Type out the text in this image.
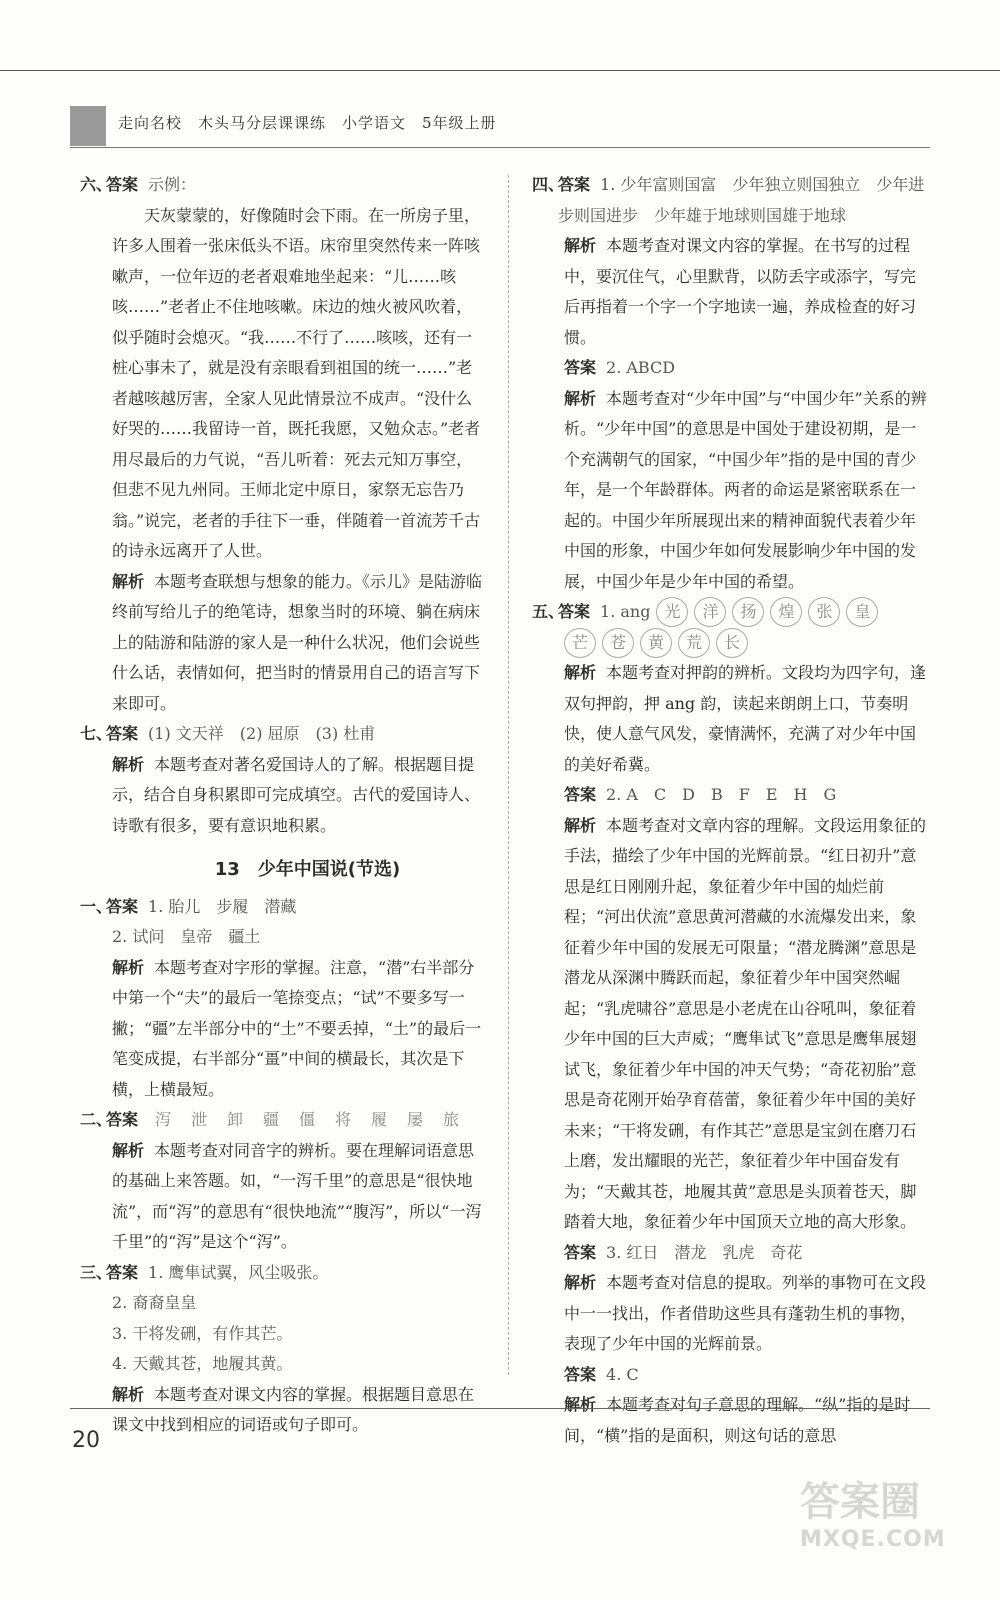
走向名校　木头马分层课课练　小学语文　5年级上册
六、
答案 示例：
天灰蒙蒙的，好像随时会下雨。在一所房子里，许多人围着一张床低头不语。床帘里突然传来一阵咳嗽声，一位年迈的老者艰难地坐起来：“儿……咳咳……”老者止不住地咳嗽。床边的烛火被风吹着，似乎随时会熄灭。“我……不行了……咳咳，还有一桩心事未了，就是没有亲眼看到祖国的统一……”老者越咳越厉害，全家人见此情景泣不成声。“没什么好哭的……我留诗一首，既托我愿，又勉众志。”老者用尽最后的力气说，“吾儿听着：死去元知万事空，但悲不见九州同。王师北定中原日，家祭无忘告乃翁。”说完，老者的手往下一垂，伴随着一首流芳千古的诗永远离开了人世。
解析 本题考查联想与想象的能力。《示儿》是陆游临终前写给儿子的绝笔诗，想象当时的环境、躺在病床上的陆游和陆游的家人是一种什么状况，他们会说些什么话，表情如何，把当时的情景用自己的语言写下来即可。
七、
答案 (1) 文天祥　(2) 屈原　(3) 杜甫
解析 本题考查对著名爱国诗人的了解。根据题目提示，结合自身积累即可完成填空。古代的爱国诗人、诗歌有很多，要有意识地积累。
13　少年中国说(节选)
一、
答案 1. 胎儿　步履　潜藏
2. 试问　皇帝　疆土
解析 本题考查对字形的掌握。注意，“潜”右半部分中第一个“夫”的最后一笔捺变点；“试”不要多写一撇；“疆”左半部分中的“土”不要丢掉，“土”的最后一笔变成提，右半部分“畺”中间的横最长，其次是下横，上横最短。
二、
答案 泻 泄 卸 疆 僵 将 履 屡 旅
解析 本题考查对同音字的辨析。要在理解词语意思的基础上来答题。如，“一泻千里”的意思是“很快地流”，而“泻”的意思有“很快地流”“腹泻”，所以“一泻千里”的“泻”是这个“泻”。
三、
答案 1. 鹰隼试翼，风尘吸张。
2. 裔裔皇皇
3. 干将发硎，有作其芒。
4. 天戴其苍，地履其黄。
解析 本题考查对课文内容的掌握。根据题目意思在课文中找到相应的词语或句子即可。
四、
答案 1. 少年富则国富　少年独立则国独立　少年进步则国进步　少年雄于地球则国雄于地球
解析 本题考查对课文内容的掌握。在书写的过程中，要沉住气，心里默背，以防丢字或添字，写完后再指着一个字一个字地读一遍，养成检查的好习惯。
答案 2. ABCD
解析 本题考查对“少年中国”与“中国少年”关系的辨析。“少年中国”的意思是中国处于建设初期，是一个充满朝气的国家，“中国少年”指的是中国的青少年，是一个年龄群体。两者的命运是紧密联系在一起的。中国少年所展现出来的精神面貌代表着少年中国的形象，中国少年如何发展影响少年中国的发展，中国少年是少年中国的希望。
五、
答案 1. ang 光 洋 扬 煌 张 皇
芒 苍 黄 荒 长
解析 本题考查对押韵的辨析。文段均为四字句，逢双句押韵，押 ang 韵，读起来朗朗上口，节奏明快，使人意气风发，豪情满怀，充满了对少年中国的美好希冀。
答案 2. A　C　D　B　F　E　H　G
解析 本题考查对文章内容的理解。文段运用象征的手法，描绘了少年中国的光辉前景。“红日初升”意思是红日刚刚升起，象征着少年中国的灿烂前程；“河出伏流”意思黄河潜藏的水流爆发出来，象征着少年中国的发展无可限量；“潜龙腾渊”意思是潜龙从深渊中腾跃而起，象征着少年中国突然崛起；“乳虎啸谷”意思是小老虎在山谷吼叫，象征着少年中国的巨大声威；“鹰隼试飞”意思是鹰隼展翅试飞，象征着少年中国的冲天气势；“奇花初胎”意思是奇花刚开始孕育蓓蕾，象征着少年中国的美好未来；“干将发硎，有作其芒”意思是宝剑在磨刀石上磨，发出耀眼的光芒，象征着少年中国奋发有为；“天戴其苍，地履其黄”意思是头顶着苍天，脚踏着大地，象征着少年中国顶天立地的高大形象。
答案 3. 红日　潜龙　乳虎　奇花
解析 本题考查对信息的提取。列举的事物可在文段中一一找出，作者借助这些具有蓬勃生机的事物，表现了少年中国的光辉前景。
答案 4. C
解析 本题考查对句子意思的理解。“纵”指的是时间，“横”指的是面积，则这句话的意思
20
答案圈
MXQE.COM
